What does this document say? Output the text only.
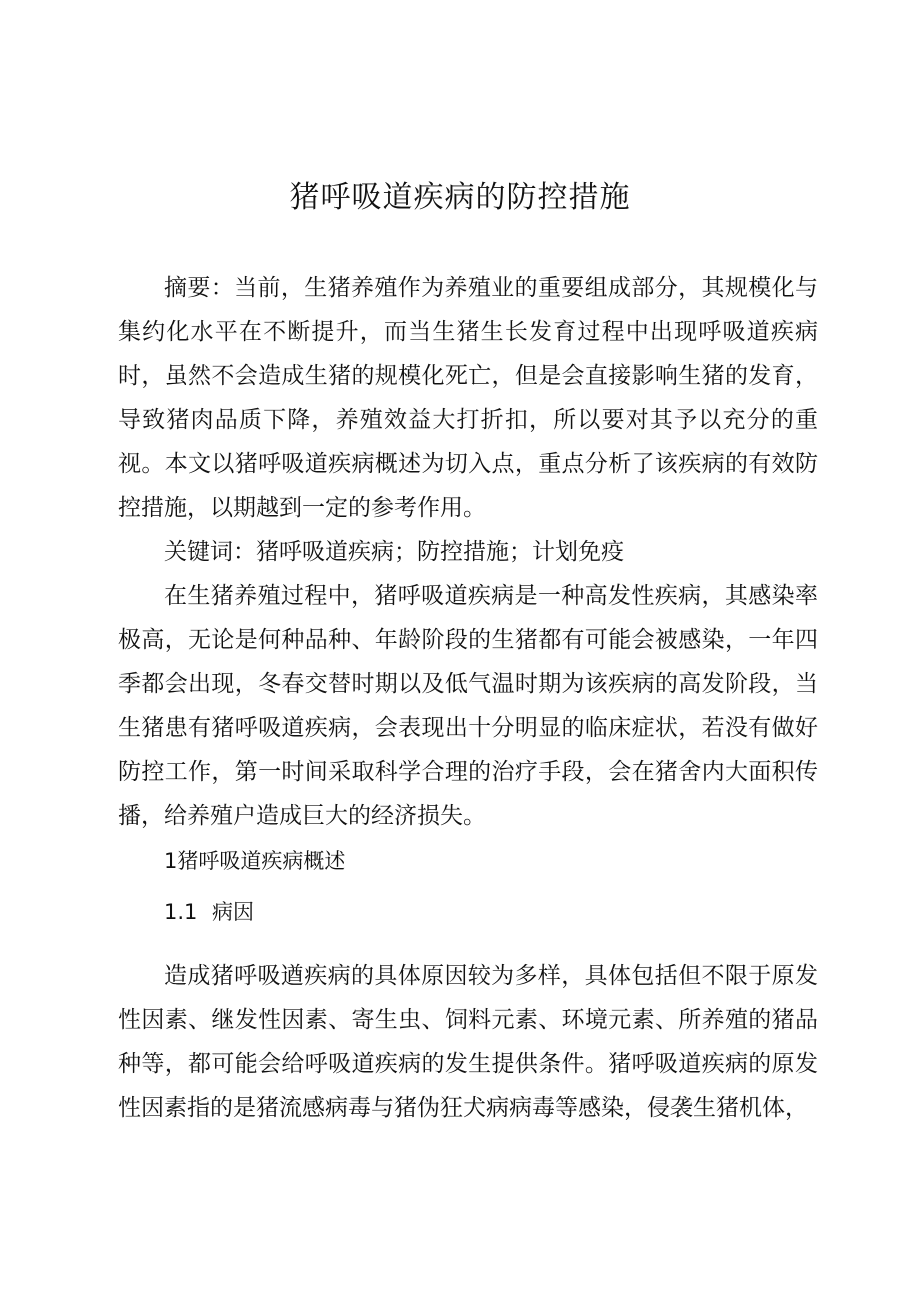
猪呼吸道疾病的防控措施

摘要：当前，生猪养殖作为养殖业的重要组成部分，其规模化与集约化水平在不断提升，而当生猪生长发育过程中出现呼吸道疾病时，虽然不会造成生猪的规模化死亡，但是会直接影响生猪的发育，导致猪肉品质下降，养殖效益大打折扣，所以要对其予以充分的重视。本文以猪呼吸道疾病概述为切入点，重点分析了该疾病的有效防控措施，以期越到一定的参考作用。

关键词：猪呼吸道疾病；防控措施；计划免疫

在生猪养殖过程中，猪呼吸道疾病是一种高发性疾病，其感染率极高，无论是何种品种、年龄阶段的生猪都有可能会被感染，一年四季都会出现，冬春交替时期以及低气温时期为该疾病的高发阶段，当生猪患有猪呼吸道疾病，会表现出十分明显的临床症状，若没有做好防控工作，第一时间采取科学合理的治疗手段，会在猪舍内大面积传播，给养殖户造成巨大的经济损失。

1猪呼吸道疾病概述
1.1 病因

造成猪呼吸遒疾病的具体原因较为多样，具体包括但不限于原发性因素、继发性因素、寄生虫、饲料元素、环境元素、所养殖的猪品种等，都可能会给呼吸道疾病的发生提供条件。猪呼吸道疾病的原发性因素指的是猪流感病毒与猪伪狂犬病病毒等感染，侵袭生猪机体，
